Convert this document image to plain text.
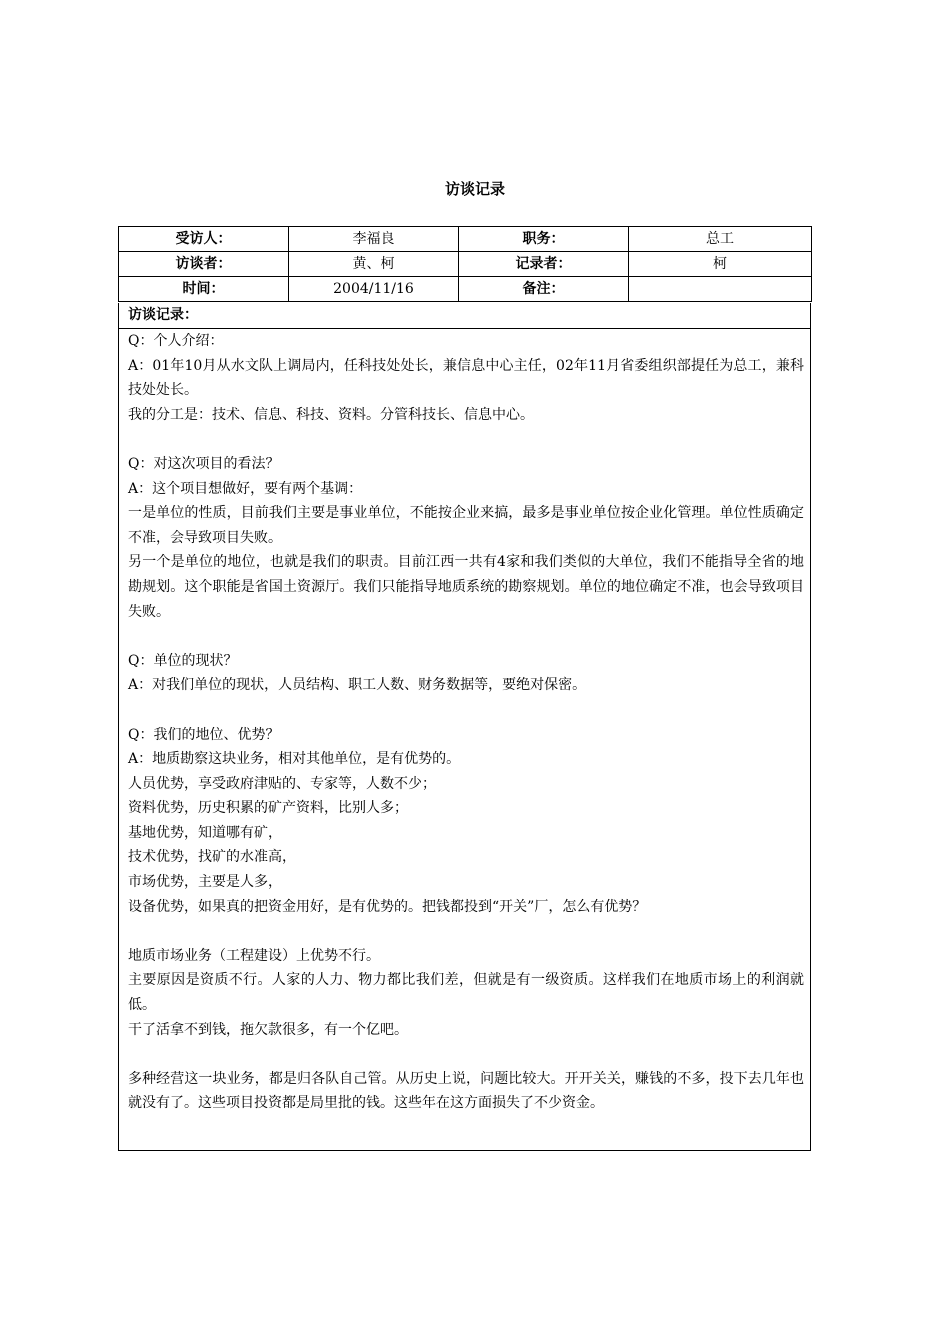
访谈记录
受访人：	李福良	职务：	总工
访谈者：	黄、柯	记录者：	柯
时间：	2004/11/16	备注：	
访谈记录：

Q：个人介绍：

A：01年10月从水文队上调局内，任科技处处长，兼信息中心主任，02年11月省委组织部提任为总工，兼科技处处长。

我的分工是：技术、信息、科技、资料。分管科技长、信息中心。

Q：对这次项目的看法？

A：这个项目想做好，要有两个基调：

一是单位的性质，目前我们主要是事业单位，不能按企业来搞，最多是事业单位按企业化管理。单位性质确定不准，会导致项目失败。

另一个是单位的地位，也就是我们的职责。目前江西一共有4家和我们类似的大单位，我们不能指导全省的地勘规划。这个职能是省国土资源厅。我们只能指导地质系统的勘察规划。单位的地位确定不准，也会导致项目失败。

Q：单位的现状？

A：对我们单位的现状，人员结构、职工人数、财务数据等，要绝对保密。

Q：我们的地位、优势？

A：地质勘察这块业务，相对其他单位，是有优势的。

人员优势，享受政府津贴的、专家等，人数不少；

资料优势，历史积累的矿产资料，比别人多；

基地优势，知道哪有矿，

技术优势，找矿的水准高，

市场优势，主要是人多，

设备优势，如果真的把资金用好，是有优势的。把钱都投到“开关”厂，怎么有优势？

地质市场业务（工程建设）上优势不行。

主要原因是资质不行。人家的人力、物力都比我们差，但就是有一级资质。这样我们在地质市场上的利润就低。

干了活拿不到钱，拖欠款很多，有一个亿吧。

多种经营这一块业务，都是归各队自己管。从历史上说，问题比较大。开开关关，赚钱的不多，投下去几年也就没有了。这些项目投资都是局里批的钱。这些年在这方面损失了不少资金。
